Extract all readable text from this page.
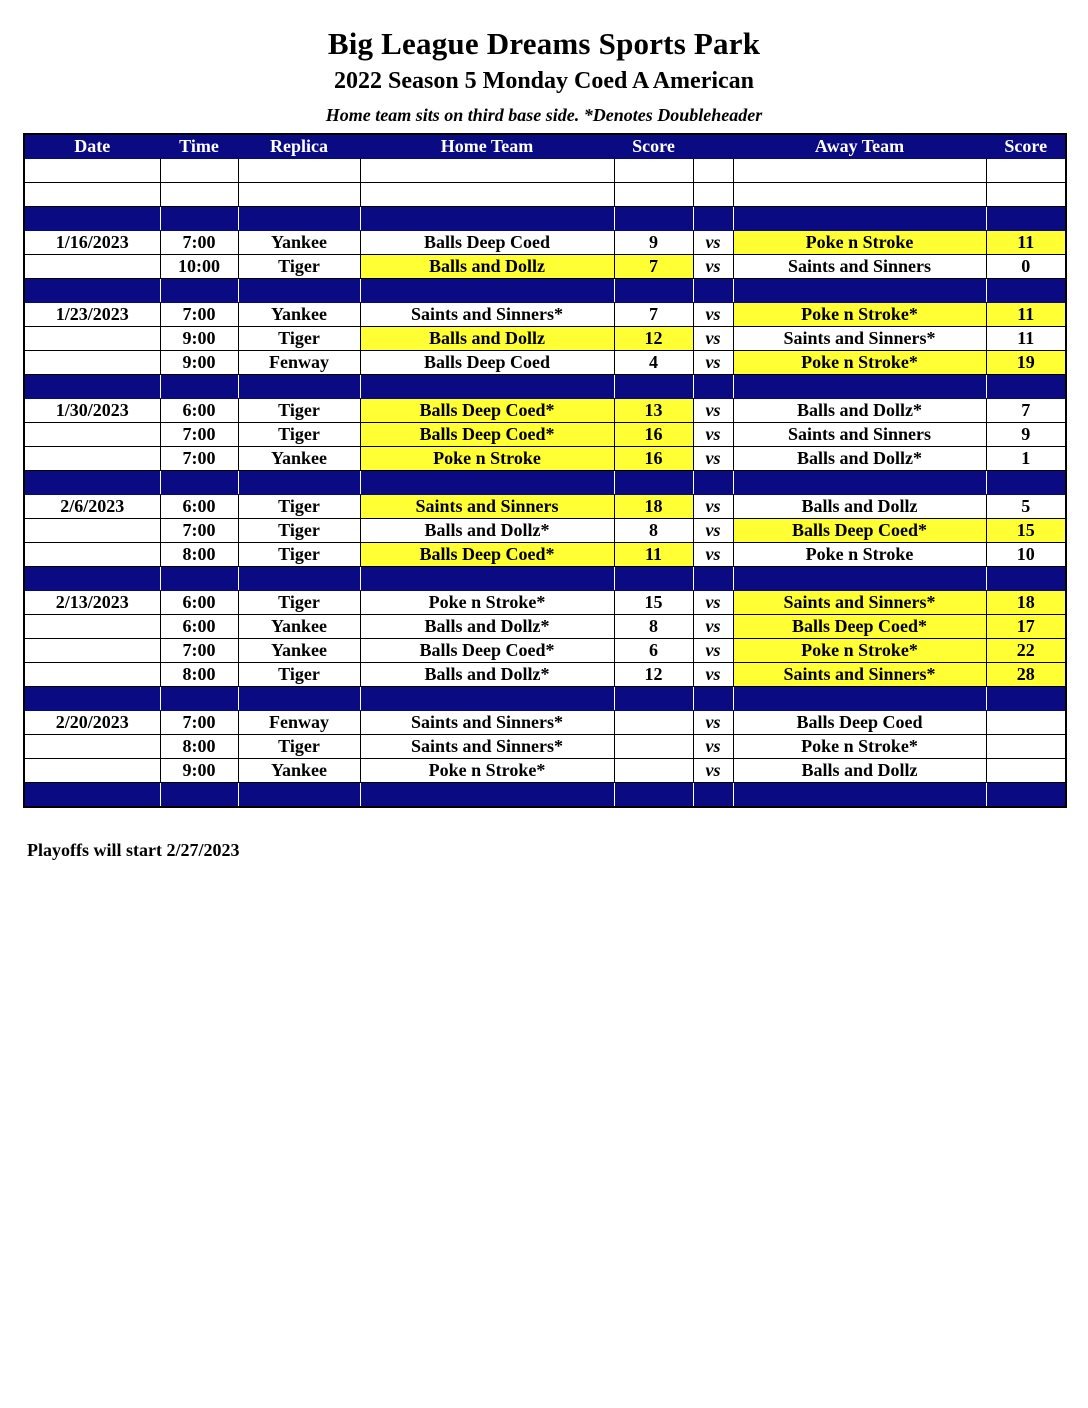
Big League Dreams Sports Park
2022 Season 5 Monday Coed A American
Home team sits on third base side. *Denotes Doubleheader
Date	Time	Replica	Home Team	Score		Away Team	Score

1/16/2023	7:00	Yankee	Balls Deep Coed	9	vs	Poke n Stroke	11
	10:00	Tiger	Balls and Dollz	7	vs	Saints and Sinners	0

1/23/2023	7:00	Yankee	Saints and Sinners*	7	vs	Poke n Stroke*	11
	9:00	Tiger	Balls and Dollz	12	vs	Saints and Sinners*	11
	9:00	Fenway	Balls Deep Coed	4	vs	Poke n Stroke*	19

1/30/2023	6:00	Tiger	Balls Deep Coed*	13	vs	Balls and Dollz*	7
	7:00	Tiger	Balls Deep Coed*	16	vs	Saints and Sinners	9
	7:00	Yankee	Poke n Stroke	16	vs	Balls and Dollz*	1

2/6/2023	6:00	Tiger	Saints and Sinners	18	vs	Balls and Dollz	5
	7:00	Tiger	Balls and Dollz*	8	vs	Balls Deep Coed*	15
	8:00	Tiger	Balls Deep Coed*	11	vs	Poke n Stroke	10

2/13/2023	6:00	Tiger	Poke n Stroke*	15	vs	Saints and Sinners*	18
	6:00	Yankee	Balls and Dollz*	8	vs	Balls Deep Coed*	17
	7:00	Yankee	Balls Deep Coed*	6	vs	Poke n Stroke*	22
	8:00	Tiger	Balls and Dollz*	12	vs	Saints and Sinners*	28

2/20/2023	7:00	Fenway	Saints and Sinners*		vs	Balls Deep Coed	
	8:00	Tiger	Saints and Sinners*		vs	Poke n Stroke*	
	9:00	Yankee	Poke n Stroke*		vs	Balls and Dollz	

Playoffs will start 2/27/2023
